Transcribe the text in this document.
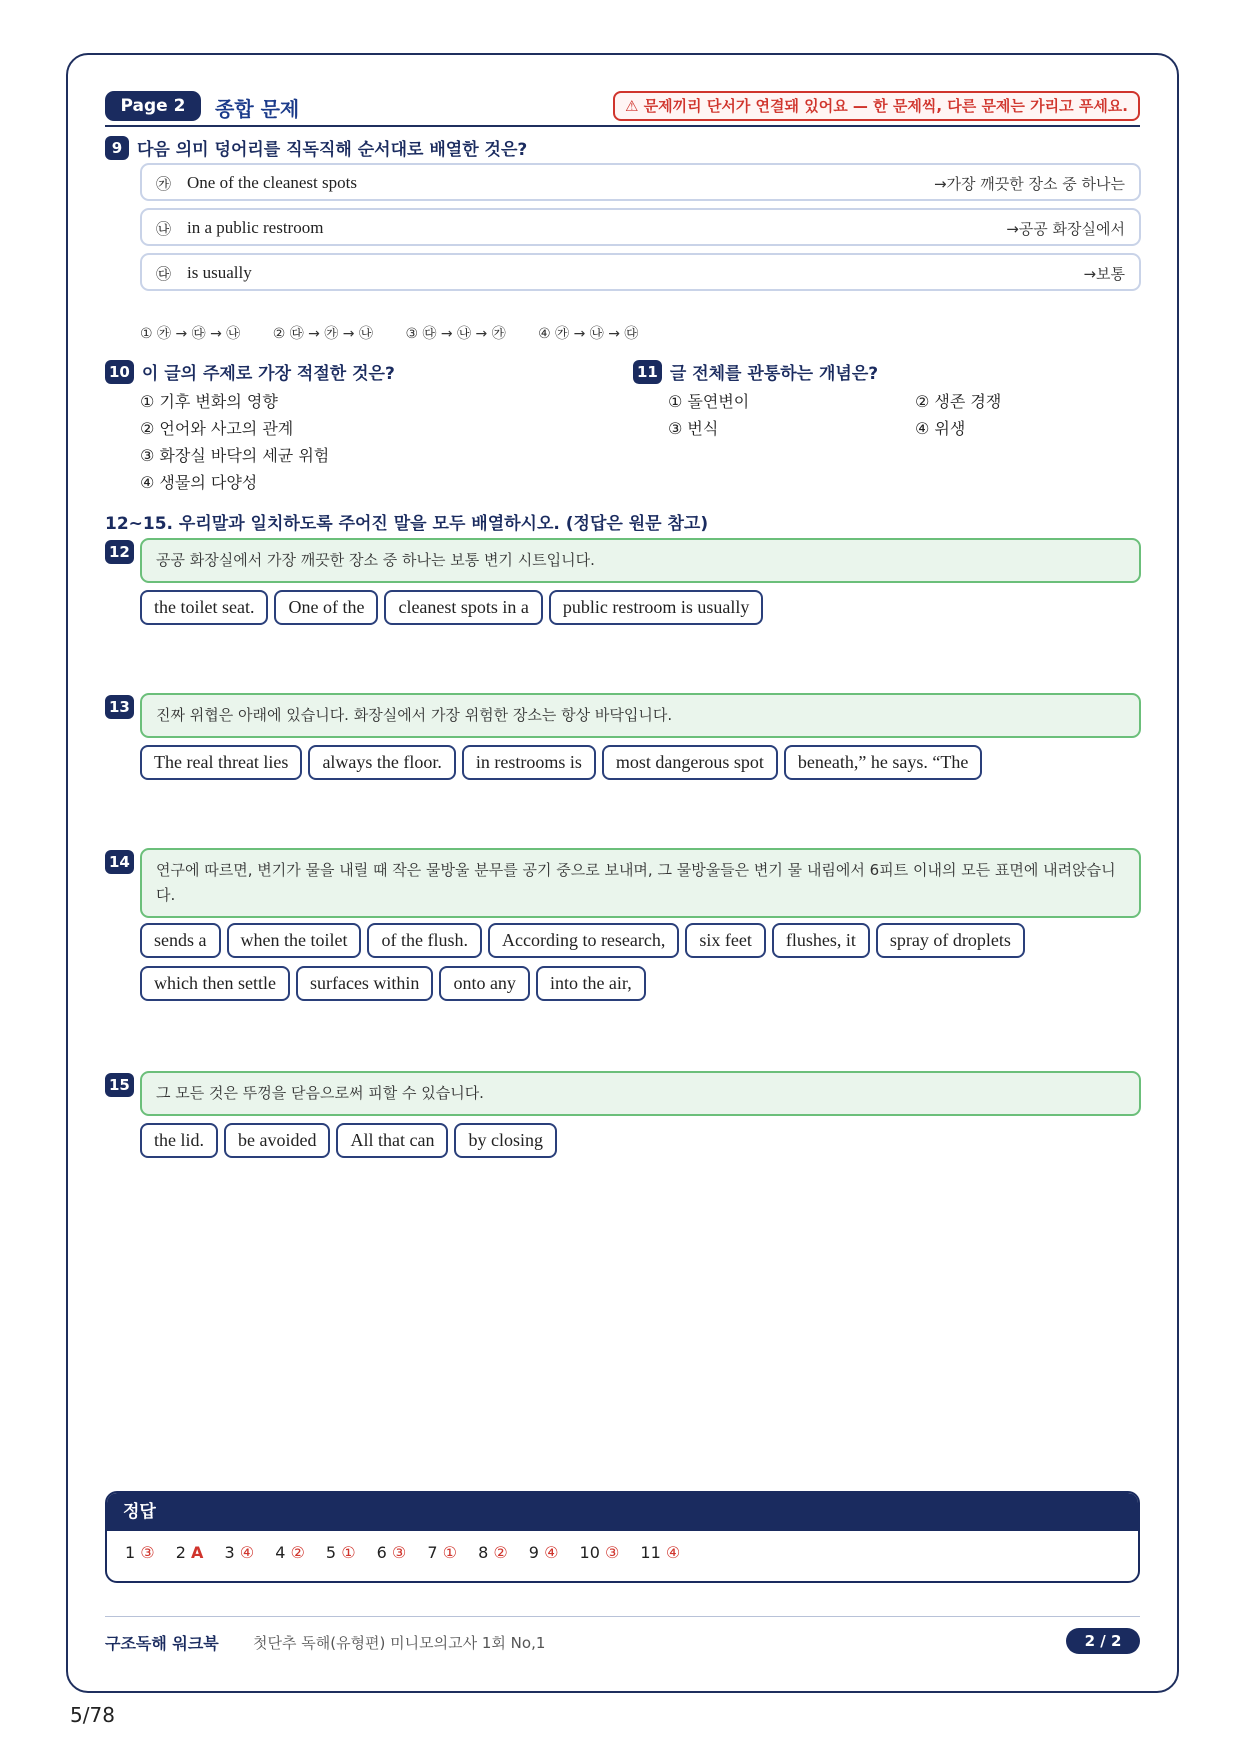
Page 2	종합 문제	⚠ 문제끼리 단서가 연결돼 있어요 — 한 문제씩, 다른 문제는 가리고 푸세요.
9 다음 의미 덩어리를 직독직해 순서대로 배열한 것은?
㉮ One of the cleanest spots	→가장 깨끗한 장소 중 하나는
㉯ in a public restroom	→공공 화장실에서
㉰ is usually	→보통
① ㉮ → ㉰ → ㉯ ② ㉰ → ㉮ → ㉯ ③ ㉰ → ㉯ → ㉮ ④ ㉮ → ㉯ → ㉰
10 이 글의 주제로 가장 적절한 것은?
① 기후 변화의 영향
② 언어와 사고의 관계
③ 화장실 바닥의 세균 위험
④ 생물의 다양성
11 글 전체를 관통하는 개념은?
① 돌연변이	② 생존 경쟁
③ 번식	④ 위생
12~15. 우리말과 일치하도록 주어진 말을 모두 배열하시오. (정답은 원문 참고)
12	공공 화장실에서 가장 깨끗한 장소 중 하나는 보통 변기 시트입니다.
the toilet seat.	One of the	cleanest spots in a	public restroom is usually
13	진짜 위협은 아래에 있습니다. 화장실에서 가장 위험한 장소는 항상 바닥입니다.
The real threat lies	always the floor.	in restrooms is	most dangerous spot	beneath,” he says. “The
14	연구에 따르면, 변기가 물을 내릴 때 작은 물방울 분무를 공기 중으로 보내며, 그 물방울들은 변기 물 내림에서 6피트 이내의 모든 표면에 내려앉습니다.
sends a	when the toilet	of the flush.	According to research,	six feet	flushes, it	spray of droplets
which then settle	surfaces within	onto any	into the air,
15	그 모든 것은 뚜껑을 닫음으로써 피할 수 있습니다.
the lid.	be avoided	All that can	by closing
정답
1 ③ 2 A 3 ④ 4 ② 5 ① 6 ③ 7 ① 8 ② 9 ④ 10 ③ 11 ④
구조독해 워크북 첫단추 독해(유형편) 미니모의고사 1회 No,1	2 / 2
5/78
